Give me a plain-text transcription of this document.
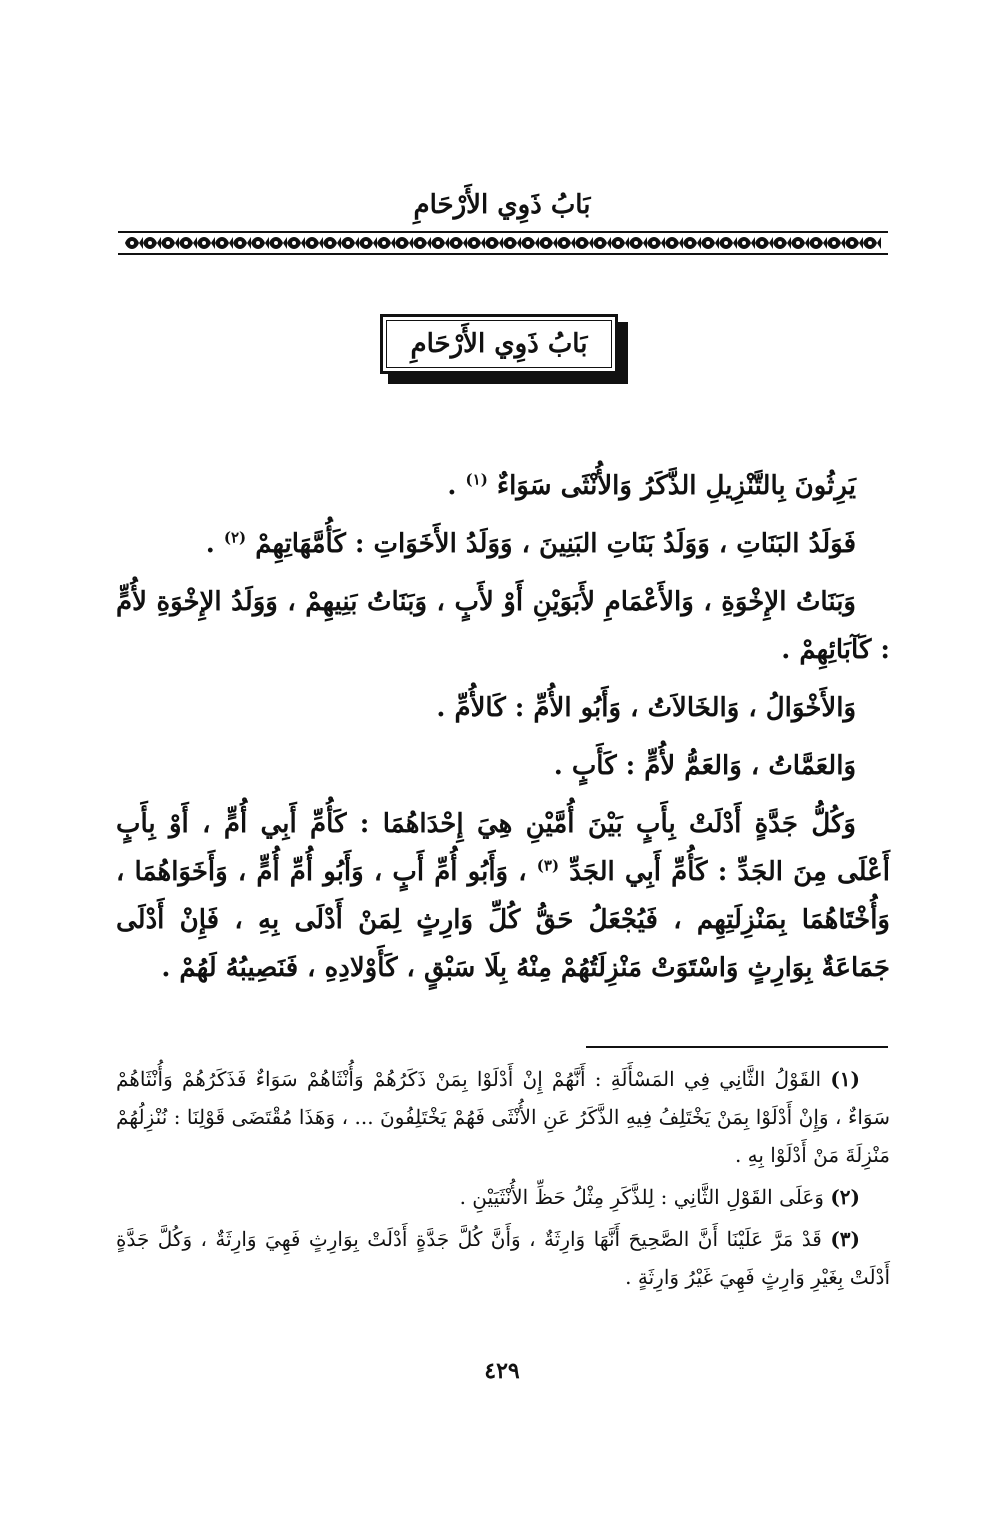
بَابُ ذَوِي الأَرْحَامِ
بَابُ ذَوِي الأَرْحَامِ

يَرِثُونَ بِالتَّنْزِيلِ الذَّكَرُ وَالأُنْثَى سَوَاءٌ $^{(١)}$ .

فَوَلَدُ البَنَاتِ ، وَوَلَدُ بَنَاتِ البَنِينَ ، وَوَلَدُ الأَخَوَاتِ : كَأُمَّهَاتِهِمْ $^{(٢)}$ .

وَبَنَاتُ الإِخْوَةِ ، وَالأَعْمَامِ لأَبَوَيْنِ أَوْ لأَبٍ ، وَبَنَاتُ بَنِيهِمْ ، وَوَلَدُ الإِخْوَةِ لأُمٍّ : كَآبَائِهِمْ .

وَالأَخْوَالُ ، وَالخَالاَتُ ، وَأَبُو الأُمِّ : كَالأُمِّ .

وَالعَمَّاتُ ، وَالعَمُّ لأُمٍّ : كَأَبٍ .

وَكُلُّ جَدَّةٍ أَدْلَتْ بِأَبٍ بَيْنَ أُمَّيْنِ هِيَ إِحْدَاهُمَا : كَأُمِّ أَبِي أُمٍّ ، أَوْ بِأَبٍ أَعْلَى مِنَ الجَدِّ : كَأُمِّ أَبِي الجَدِّ $^{(٣)}$ ، وَأَبُو أُمِّ أَبٍ ، وَأَبُو أُمِّ أُمٍّ ، وَأَخَوَاهُمَا ، وَأُخْتَاهُمَا بِمَنْزِلَتِهِم ، فَيُجْعَلُ حَقُّ كُلِّ وَارِثٍ لِمَنْ أَدْلَى بِهِ ، فَإِنْ أَدْلَى جَمَاعَةٌ بِوَارِثٍ وَاسْتَوَتْ مَنْزِلَتُهُمْ مِنْهُ بِلَا سَبْقٍ ، كَأَوْلادِهِ ، فَنَصِيبُهُ لَهُمْ .

(١) القَوْلُ الثَّانِي فِي المَسْأَلَةِ : أَنَّهُمْ إِنْ أَدْلَوْا بِمَنْ ذَكَرُهُمْ وَأُنْثَاهُمْ سَوَاءٌ فَذَكَرُهُمْ وَأُنْثَاهُمْ سَوَاءٌ ، وَإِنْ أَدْلَوْا بِمَنْ يَخْتَلِفُ فِيهِ الذَّكَرُ عَنِ الأُنْثَى فَهُمْ يَخْتَلِفُونَ ... ، وَهَذَا مُقْتَضَى قَوْلِنَا : نُنْزِلُهُمْ مَنْزِلَةَ مَنْ أَدْلَوْا بِهِ .

(٢) وَعَلَى القَوْلِ الثَّانِي : لِلذَّكَرِ مِثْلُ حَظِّ الأُنْثَيَيْنِ .

(٣) قَدْ مَرَّ عَلَيْنَا أَنَّ الصَّحِيحَ أَنَّهَا وَارِثَةٌ ، وَأَنَّ كُلَّ جَدَّةٍ أَدْلَتْ بِوَارِثٍ فَهِيَ وَارِثَةٌ ، وَكُلَّ جَدَّةٍ أَدْلَتْ بِغَيْرِ وَارِثٍ فَهِيَ غَيْرُ وَارِثَةٍ .

٤٢٩
